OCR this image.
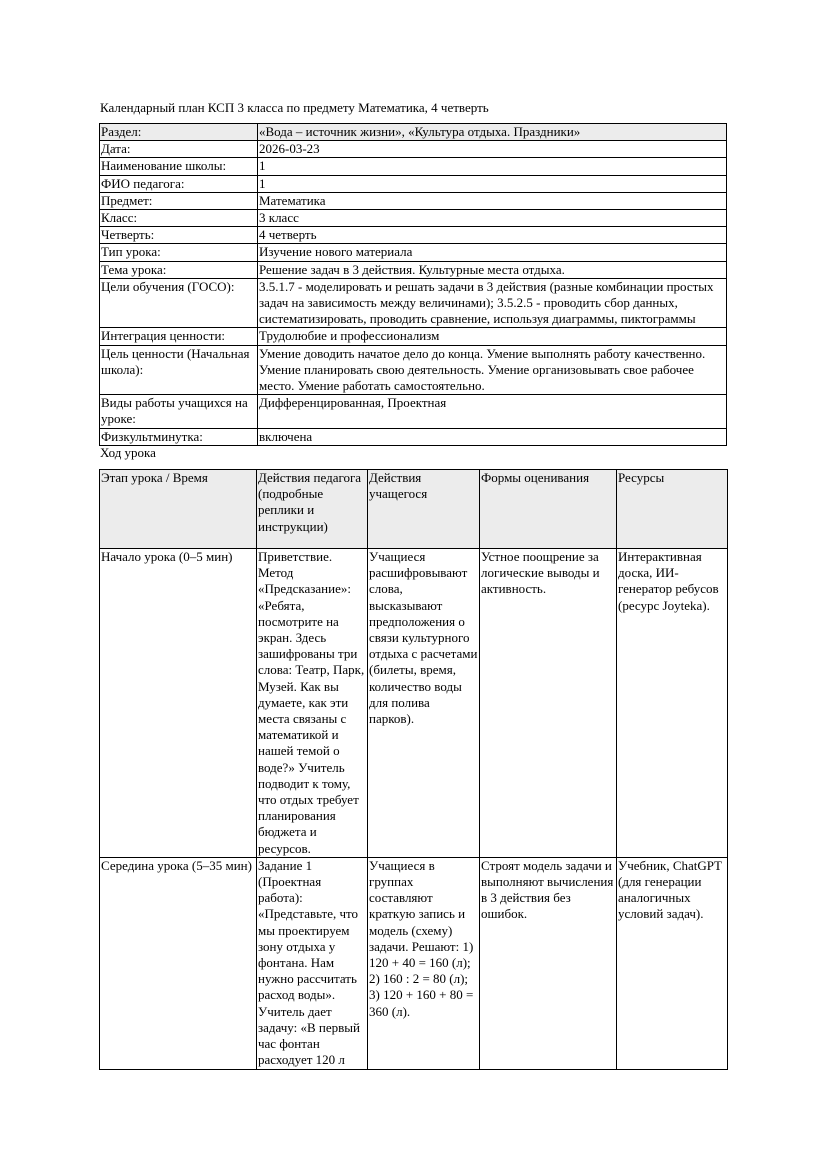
Календарный план КСП 3 класса по предмету Математика, 4 четверть
Раздел:	«Вода – источник жизни», «Культура отдыха. Праздники»
Дата:	2026-03-23
Наименование школы:	1
ФИО педагога:	1
Предмет:	Математика
Класс:	3 класс
Четверть:	4 четверть
Тип урока:	Изучение нового материала
Тема урока:	Решение задач в 3 действия. Культурные места отдыха.
Цели обучения (ГОСО):	3.5.1.7 - моделировать и решать задачи в 3 действия (разные комбинации простых задач на зависимость между величинами); 3.5.2.5 - проводить сбор данных, систематизировать, проводить сравнение, используя диаграммы, пиктограммы
Интеграция ценности:	Трудолюбие и профессионализм
Цель ценности (Начальная школа):	Умение доводить начатое дело до конца. Умение выполнять работу качественно. Умение планировать свою деятельность. Умение организовывать свое рабочее место. Умение работать самостоятельно.
Виды работы учащихся на уроке:	Дифференцированная, Проектная
Физкультминутка:	включена
Ход урока
Этап урока / Время	Действия педагога (подробные реплики и инструкции)	Действия учащегося	Формы оценивания	Ресурсы
Начало урока (0–5 мин)	Приветствие. Метод «Предсказание»: «Ребята, посмотрите на экран. Здесь зашифрованы три слова: Театр, Парк, Музей. Как вы думаете, как эти места связаны с математикой и нашей темой о воде?» Учитель подводит к тому, что отдых требует планирования бюджета и ресурсов.	Учащиеся расшифровывают слова, высказывают предположения о связи культурного отдыха с расчетами (билеты, время, количество воды для полива парков).	Устное поощрение за логические выводы и активность.	Интерактивная доска, ИИ-генератор ребусов (ресурс Joyteka).
Середина урока (5–35 мин)	Задание 1 (Проектная работа): «Представьте, что мы проектируем зону отдыха у фонтана. Нам нужно рассчитать расход воды». Учитель дает задачу: «В первый час фонтан расходует 120 л	Учащиеся в группах составляют краткую запись и модель (схему) задачи. Решают: 1) 120 + 40 = 160 (л); 2) 160 : 2 = 80 (л); 3) 120 + 160 + 80 = 360 (л).	Строят модель задачи и выполняют вычисления в 3 действия без ошибок.	Учебник, ChatGPT (для генерации аналогичных условий задач).
